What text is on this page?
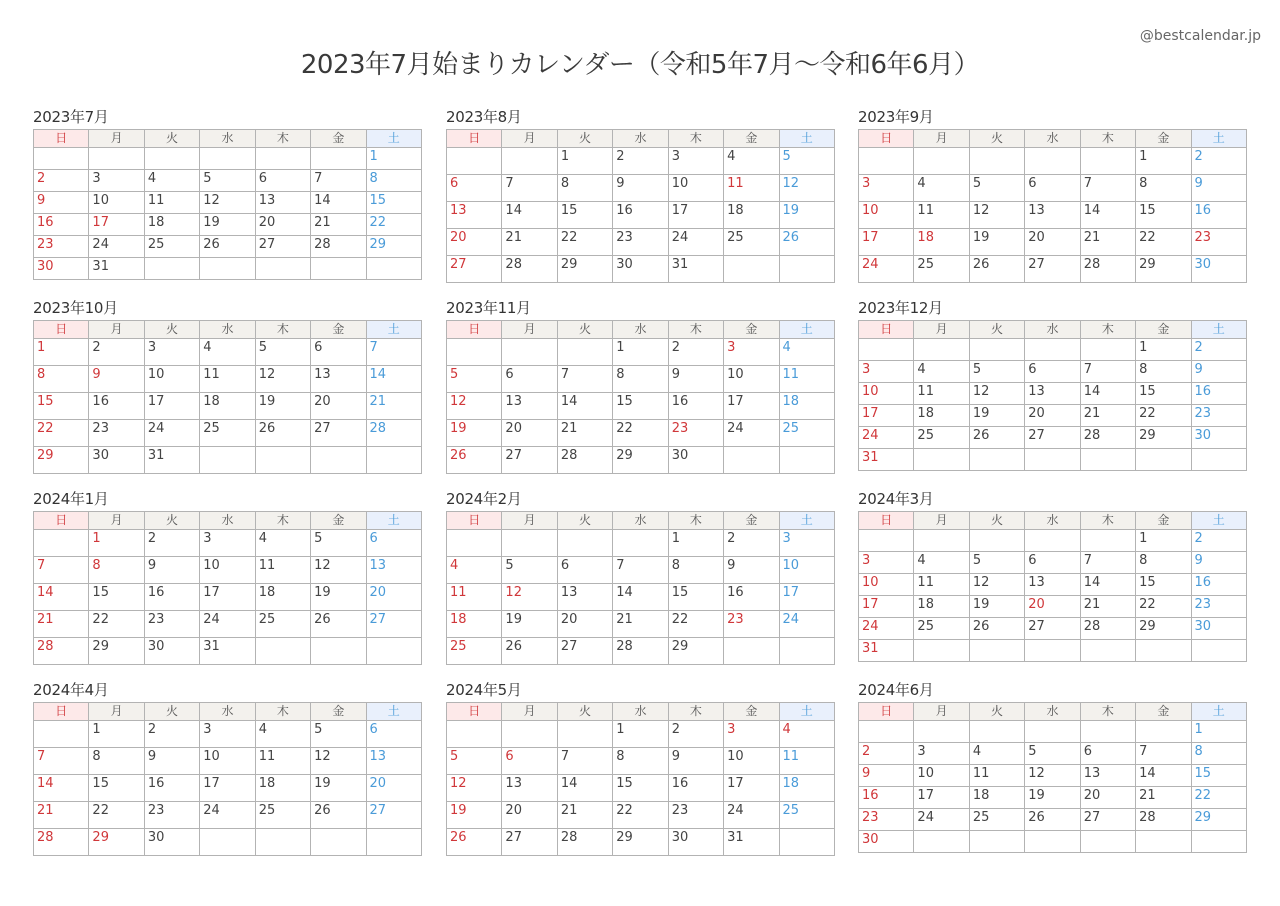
2023年7月始まりカレンダー（令和5年7月〜令和6年6月）
@bestcalendar.jp
2023年7月
日	月	火	水	木	金	土
						1
2	3	4	5	6	7	8
9	10	11	12	13	14	15
16	17	18	19	20	21	22
23	24	25	26	27	28	29
30	31					
2023年8月
日	月	火	水	木	金	土
		1	2	3	4	5
6	7	8	9	10	11	12
13	14	15	16	17	18	19
20	21	22	23	24	25	26
27	28	29	30	31		
2023年9月
日	月	火	水	木	金	土
					1	2
3	4	5	6	7	8	9
10	11	12	13	14	15	16
17	18	19	20	21	22	23
24	25	26	27	28	29	30
2023年10月
日	月	火	水	木	金	土
1	2	3	4	5	6	7
8	9	10	11	12	13	14
15	16	17	18	19	20	21
22	23	24	25	26	27	28
29	30	31				
2023年11月
日	月	火	水	木	金	土
			1	2	3	4
5	6	7	8	9	10	11
12	13	14	15	16	17	18
19	20	21	22	23	24	25
26	27	28	29	30		
2023年12月
日	月	火	水	木	金	土
					1	2
3	4	5	6	7	8	9
10	11	12	13	14	15	16
17	18	19	20	21	22	23
24	25	26	27	28	29	30
31						
2024年1月
日	月	火	水	木	金	土
	1	2	3	4	5	6
7	8	9	10	11	12	13
14	15	16	17	18	19	20
21	22	23	24	25	26	27
28	29	30	31			
2024年2月
日	月	火	水	木	金	土
				1	2	3
4	5	6	7	8	9	10
11	12	13	14	15	16	17
18	19	20	21	22	23	24
25	26	27	28	29		
2024年3月
日	月	火	水	木	金	土
					1	2
3	4	5	6	7	8	9
10	11	12	13	14	15	16
17	18	19	20	21	22	23
24	25	26	27	28	29	30
31						
2024年4月
日	月	火	水	木	金	土
	1	2	3	4	5	6
7	8	9	10	11	12	13
14	15	16	17	18	19	20
21	22	23	24	25	26	27
28	29	30				
2024年5月
日	月	火	水	木	金	土
			1	2	3	4
5	6	7	8	9	10	11
12	13	14	15	16	17	18
19	20	21	22	23	24	25
26	27	28	29	30	31	
2024年6月
日	月	火	水	木	金	土
						1
2	3	4	5	6	7	8
9	10	11	12	13	14	15
16	17	18	19	20	21	22
23	24	25	26	27	28	29
30						
